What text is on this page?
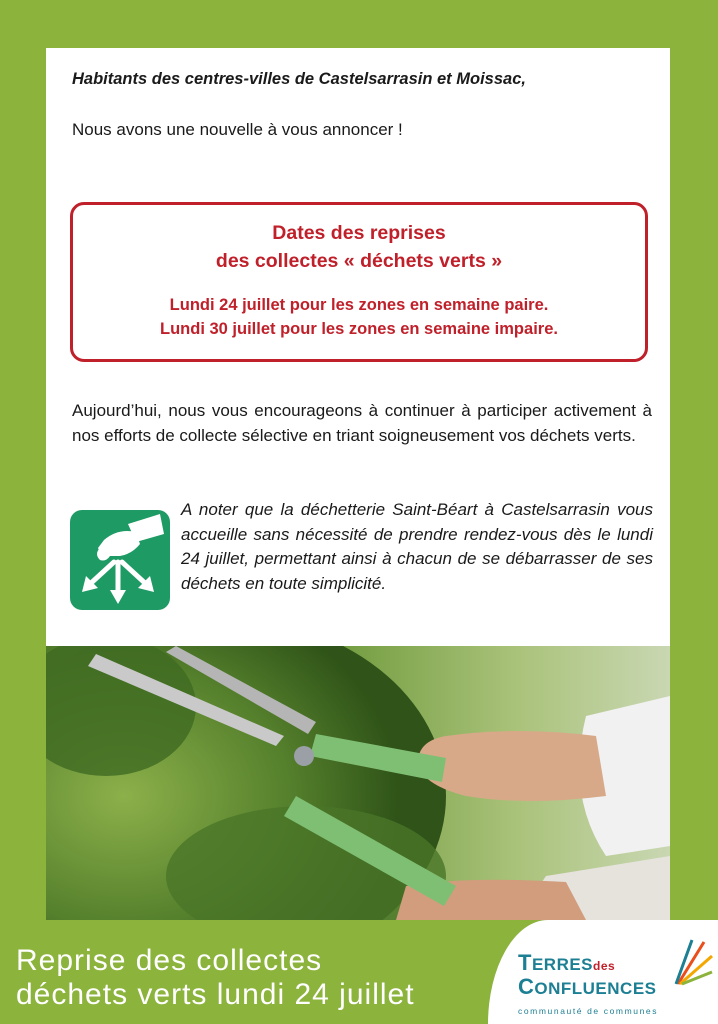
Habitants des centres-villes de Castelsarrasin et Moissac,
Nous avons une nouvelle à vous annoncer !
Dates des reprises
des collectes « déchets verts »
Lundi 24 juillet pour les zones en semaine paire.
Lundi 30 juillet pour les zones en semaine impaire.
Aujourd’hui, nous vous encourageons à continuer à participer activement à nos efforts de collecte sélective en triant soigneusement vos déchets verts.
A noter que la déchetterie Saint-Béart à Castelsarrasin vous accueille sans nécessité de prendre rendez-vous dès le lundi 24 juillet, permettant ainsi à chacun de se débarrasser de ses déchets en toute simplicité.
Reprise des collectes
déchets verts lundi 24 juillet
TERRESdes
CONFLUENCES
communauté de communes
